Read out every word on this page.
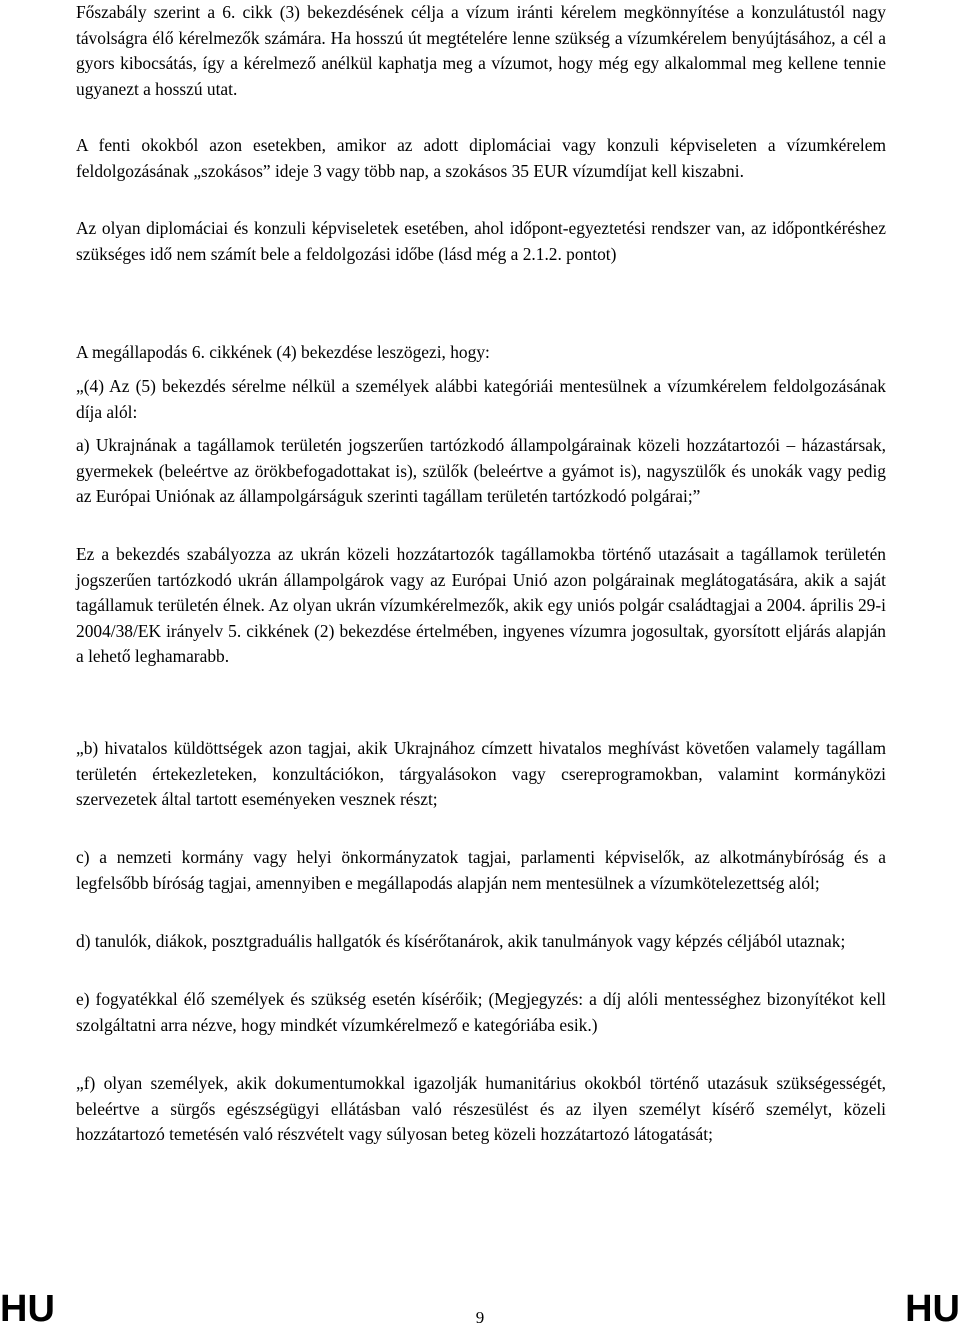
Főszabály szerint a 6. cikk (3) bekezdésének célja a vízum iránti kérelem megkönnyítése a konzulátustól nagy távolságra élő kérelmezők számára. Ha hosszú út megtételére lenne szükség a vízumkérelem benyújtásához, a cél a gyors kibocsátás, így a kérelmező anélkül kaphatja meg a vízumot, hogy még egy alkalommal meg kellene tennie ugyanezt a hosszú utat.

A fenti okokból azon esetekben, amikor az adott diplomáciai vagy konzuli képviseleten a vízumkérelem feldolgozásának „szokásos” ideje 3 vagy több nap, a szokásos 35 EUR vízumdíjat kell kiszabni.

Az olyan diplomáciai és konzuli képviseletek esetében, ahol időpont-egyeztetési rendszer van, az időpontkéréshez szükséges idő nem számít bele a feldolgozási időbe (lásd még a 2.1.2. pontot)

A megállapodás 6. cikkének (4) bekezdése leszögezi, hogy:

„(4) Az (5) bekezdés sérelme nélkül a személyek alábbi kategóriái mentesülnek a vízumkérelem feldolgozásának díja alól:

a) Ukrajnának a tagállamok területén jogszerűen tartózkodó állampolgárainak közeli hozzátartozói – házastársak, gyermekek (beleértve az örökbefogadottakat is), szülők (beleértve a gyámot is), nagyszülők és unokák vagy pedig az Európai Uniónak az állampolgárságuk szerinti tagállam területén tartózkodó polgárai;”

Ez a bekezdés szabályozza az ukrán közeli hozzátartozók tagállamokba történő utazásait a tagállamok területén jogszerűen tartózkodó ukrán állampolgárok vagy az Európai Unió azon polgárainak meglátogatására, akik a saját tagállamuk területén élnek. Az olyan ukrán vízumkérelmezők, akik egy uniós polgár családtagjai a 2004. április 29-i 2004/38/EK irányelv 5. cikkének (2) bekezdése értelmében, ingyenes vízumra jogosultak, gyorsított eljárás alapján a lehető leghamarabb.

„b) hivatalos küldöttségek azon tagjai, akik Ukrajnához címzett hivatalos meghívást követően valamely tagállam területén értekezleteken, konzultációkon, tárgyalásokon vagy csereprogramokban, valamint kormányközi szervezetek által tartott eseményeken vesznek részt;

c) a nemzeti kormány vagy helyi önkormányzatok tagjai, parlamenti képviselők, az alkotmánybíróság és a legfelsőbb bíróság tagjai, amennyiben e megállapodás alapján nem mentesülnek a vízumkötelezettség alól;

d) tanulók, diákok, posztgraduális hallgatók és kísérőtanárok, akik tanulmányok vagy képzés céljából utaznak;

e) fogyatékkal élő személyek és szükség esetén kísérőik; (Megjegyzés: a díj alóli mentességhez bizonyítékot kell szolgáltatni arra nézve, hogy mindkét vízumkérelmező e kategóriába esik.)

„f) olyan személyek, akik dokumentumokkal igazolják humanitárius okokból történő utazásuk szükségességét, beleértve a sürgős egészségügyi ellátásban való részesülést és az ilyen személyt kísérő személyt, közeli hozzátartozó temetésén való részvételt vagy súlyosan beteg közeli hozzátartozó látogatását;

HU	9	HU
